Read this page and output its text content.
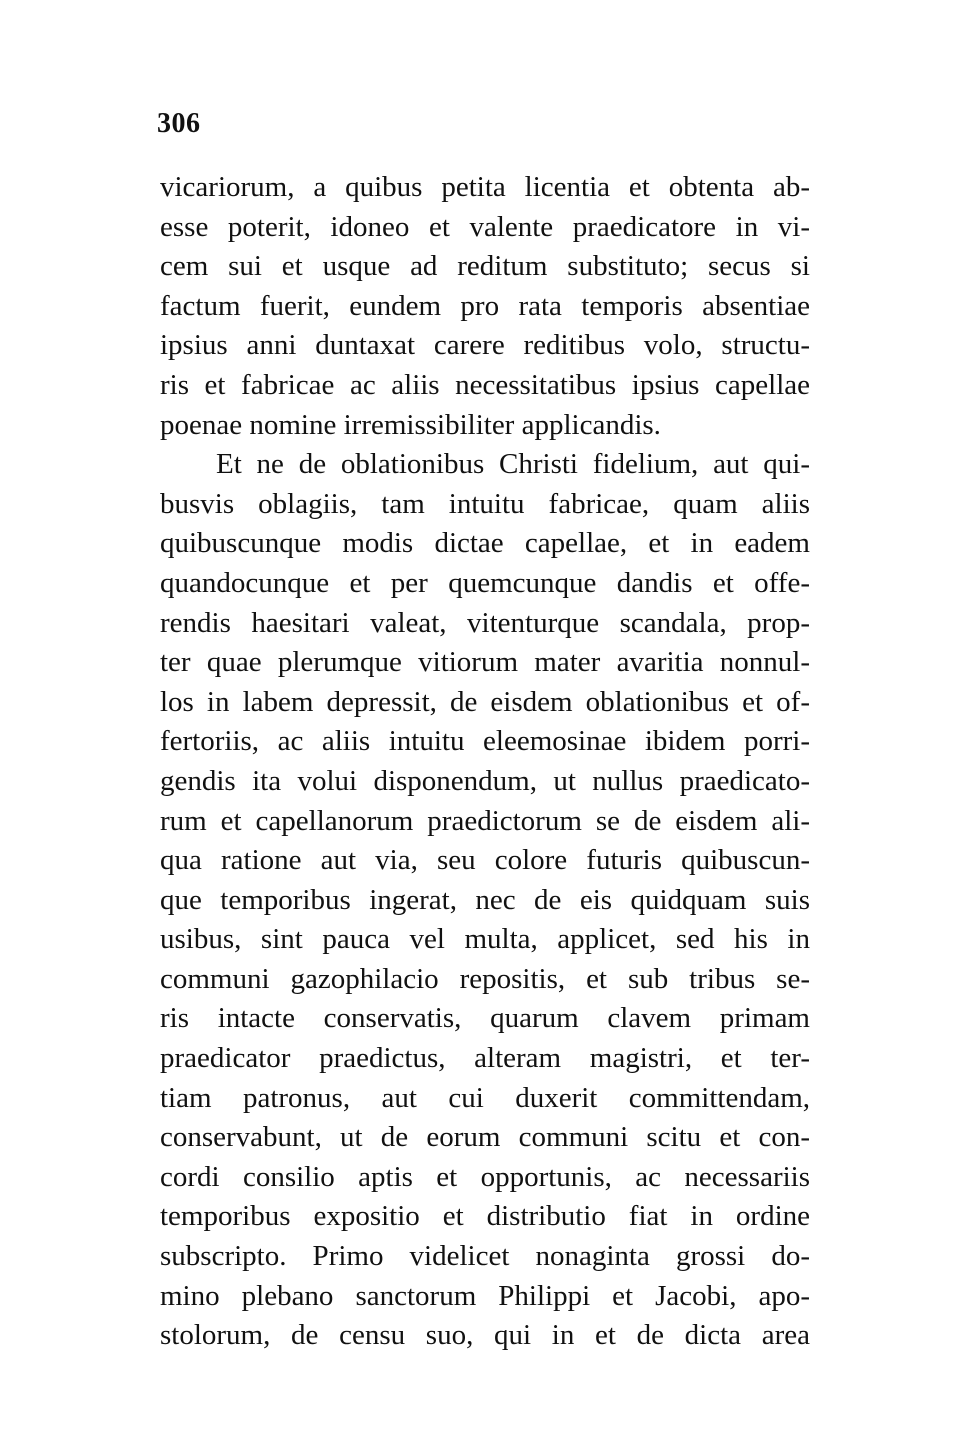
306
vicariorum, a quibus petita licentia et obtenta ab-
esse poterit, idoneo et valente praedicatore in vi-
cem sui et usque ad reditum substituto; secus si
factum fuerit, eundem pro rata temporis absentiae
ipsius anni duntaxat carere reditibus volo, structu-
ris et fabricae ac aliis necessitatibus ipsius capellae
poenae nomine irremissibiliter applicandis.
Et ne de oblationibus Christi fidelium, aut qui-
busvis oblagiis, tam intuitu fabricae, quam aliis
quibuscunque modis dictae capellae, et in eadem
quandocunque et per quemcunque dandis et offe-
rendis haesitari valeat, vitenturque scandala, prop-
ter quae plerumque vitiorum mater avaritia nonnul-
los in labem depressit, de eisdem oblationibus et of-
fertoriis, ac aliis intuitu eleemosinae ibidem porri-
gendis ita volui disponendum, ut nullus praedicato-
rum et capellanorum praedictorum se de eisdem ali-
qua ratione aut via, seu colore futuris quibuscun-
que temporibus ingerat, nec de eis quidquam suis
usibus, sint pauca vel multa, applicet, sed his in
communi gazophilacio repositis, et sub tribus se-
ris intacte conservatis, quarum clavem primam
praedicator praedictus, alteram magistri, et ter-
tiam patronus, aut cui duxerit committendam,
conservabunt, ut de eorum communi scitu et con-
cordi consilio aptis et opportunis, ac necessariis
temporibus expositio et distributio fiat in ordine
subscripto. Primo videlicet nonaginta grossi do-
mino plebano sanctorum Philippi et Jacobi, apo-
stolorum, de censu suo, qui in et de dicta area
